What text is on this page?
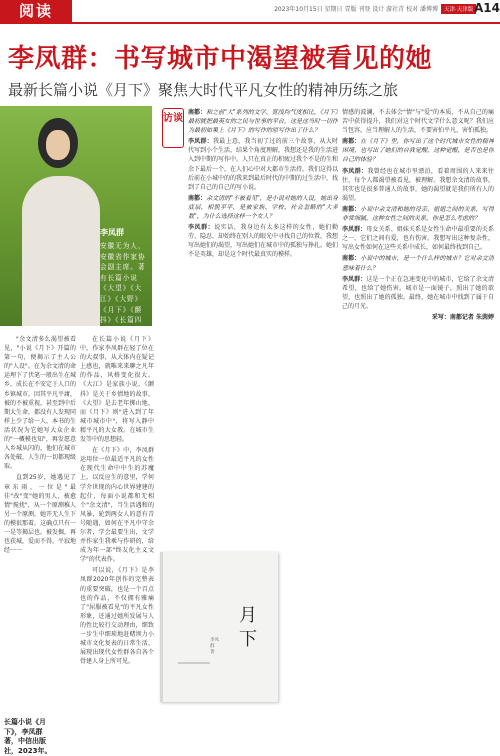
阅读	2023年10月15日 星期日 壹版 刊登 设计 游社青 校对 潘博博	天津·天津版 A14
李凤群：书写城市中渴望被看见的她
最新长篇小说《月下》聚焦大时代平凡女性的精神历练之旅
李凤群
安徽无为人，安徽省作家协会副主席。著有长篇小说《大望》《大江》《大野》《月下》《颤抖》《长篇四

"余文清多么渴望被看见，"小说《月下》开篇的第一句，便揭示了主人公的"人设"。在为余文清的命运埋下了伏笔一般出生在城乡，成长在不安定于人口的乡镇城市，因其平凡平庸，被的不被重视，甚至到中后期大生命，都没有人发现同样上少了给一人，本书的生活状况为它她写大众企业的"一概模也知"，再发愿意入乡城从闪的，他们在城市各处破，人生的一切都现级取。

直到25岁，她遇见了章东雨，一位是"最佳"改"变"她的男人，被愈情"搅扰"，从一个原测稚人另一个原测，她开无人生下的模很那着，这确点只有一一是等揭层也。被发掘，再也获城，爱而不得，平寂地经一一

在长篇小说《月下》中，作家李凤群在轻了位在的大叔事，从大体内在疑记上感也，就唯来来聊之凡年的作品，风格变化很大。《大江》是家族小说，《颤抖》是关于乡情地的故事，《大望》是去老年掷山地，而《月下》则"进入到了年城市城市中"，将写入静中精平凡的大女教。在城市生发等中的思想轻。

在《月下》中，李凤群运用位一位最适平凡的女性在现代生命中中生的苏魔上，以反应生的意里，学何学介世现的内心世界建建的起什，每面小说都和无相个"余文清"，当生活遇和的风暴，轮到两女人的意有青号随遇，如何在平凡中守余尔者，学会最要生出，文学并作家生我乘与作研的，给成为年一部"终友化主义文学"的代表作。

可以说，《月下》是李凤群2020年创作的完整表的重要突破，也是一个百点也的作品，不仅拥有雅痛了"屈服被看见"的平凡女性形象，还通过她所发展与人的性比较行交动理由，细致一步生中细琐地赶赌坝力小城市文化复表的日常生活，展现出现代女性群各自各个骨建人身上所可见。

访谈

南都：和之前"大"系列的文学、宽浅均气度相比，《月下》最初就把最英女的之民与世事的平台，这是这当时一切作为最初如果上《月下》的写作的原写作出了什么？

李凤群：我最上意，我当初了过的前三个故事，从大时代写到小个生活，结果个角度理解，我想还是我的生活进入到中期的写作中。人只在真正的积疲过我个不是的生和余下最后一个，在人们心中对大都市生活持，我们这得以后前在小城中的的我来到最后时代的中期的过生活中，找到了自己的自己的写小说。

南都：余文清的"不被看见"，是小说对她的人设，她出身底层，相貌平平，是被家族、学校、社会忽略的"大多数"，为什么选择这样一个女人？

李凤群：说实话，我身边有太多这样的女性，她们勤劳、隐忍，却始终在别人的眼光中寻找自己的位置。我想写出她们的渴望，写出她们在城市中的孤独与挣扎。她们不是英雄，却是这个时代最真实的模样。

情感的波澜，不去体会"情"与"爱"的本质，不从自己的痛苦中获得提升，我们对这个时代文学什么意义呢？我们应当包容，应当理解人的生活，不要害怕平凡，害怕孤独。

南都：在《月下》里，你写出了这个时代城市女性的精神困境，也写出了她们的自我觉醒，这种觉醒，是否也是你自己的体验？

李凤群：我曾经也在城市里漂泊，看着周围的人来来往往，每个人都渴望被看见，被理解。我想余文清的故事，其实也是很多普通人的故事，她的渴望就是我们所有人的渴望。

南都：小说中余文清和她的母亲、姐姐之间的关系，写得非常细腻，这种女性之间的关系，你是怎么考虑的？

李凤群：母女关系、姐妹关系是女性生命中最重要的关系之一，它们之间有爱，也有伤害。我想写出这种复杂性，写出女性如何在这些关系中成长，如何最终找到自己。

南都：小说中的城市，是一个什么样的城市？它对余文清意味着什么？

李凤群：这是一个正在急速变化中的城市，它给了余文清希望，也给了她伤害。城市是一面镜子，照出了她的欲望，也照出了她的孤独。最终，她在城市中找到了属于自己的月光。

采写：南都记者 朱茵婷

月下
李凤群 著
长篇小说《月下》，李凤群著，中信出版社，2023年。
